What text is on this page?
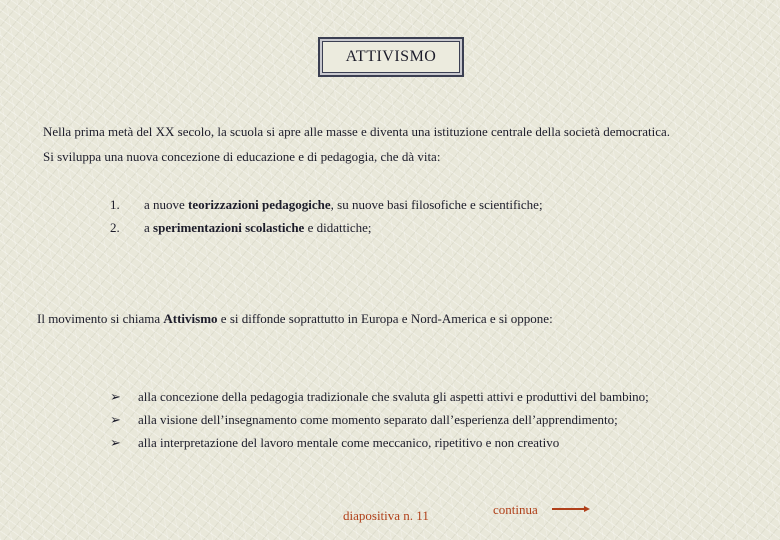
ATTIVISMO
Nella prima metà del XX secolo, la scuola si apre alle masse e diventa una istituzione centrale della società democratica.
Si sviluppa una nuova concezione di educazione e di pedagogia, che dà vita:
1. a nuove teorizzazioni pedagogiche, su nuove basi filosofiche e scientifiche;
2. a sperimentazioni scolastiche e didattiche;
Il movimento si chiama Attivismo e si diffonde soprattutto in Europa e Nord-America e si oppone:
➢ alla concezione della pedagogia tradizionale che svaluta gli aspetti attivi e produttivi del bambino;
➢ alla visione dell’insegnamento come momento separato dall’esperienza dell’apprendimento;
➢ alla interpretazione del lavoro mentale come meccanico, ripetitivo e non creativo
diapositiva n. 11	continua
